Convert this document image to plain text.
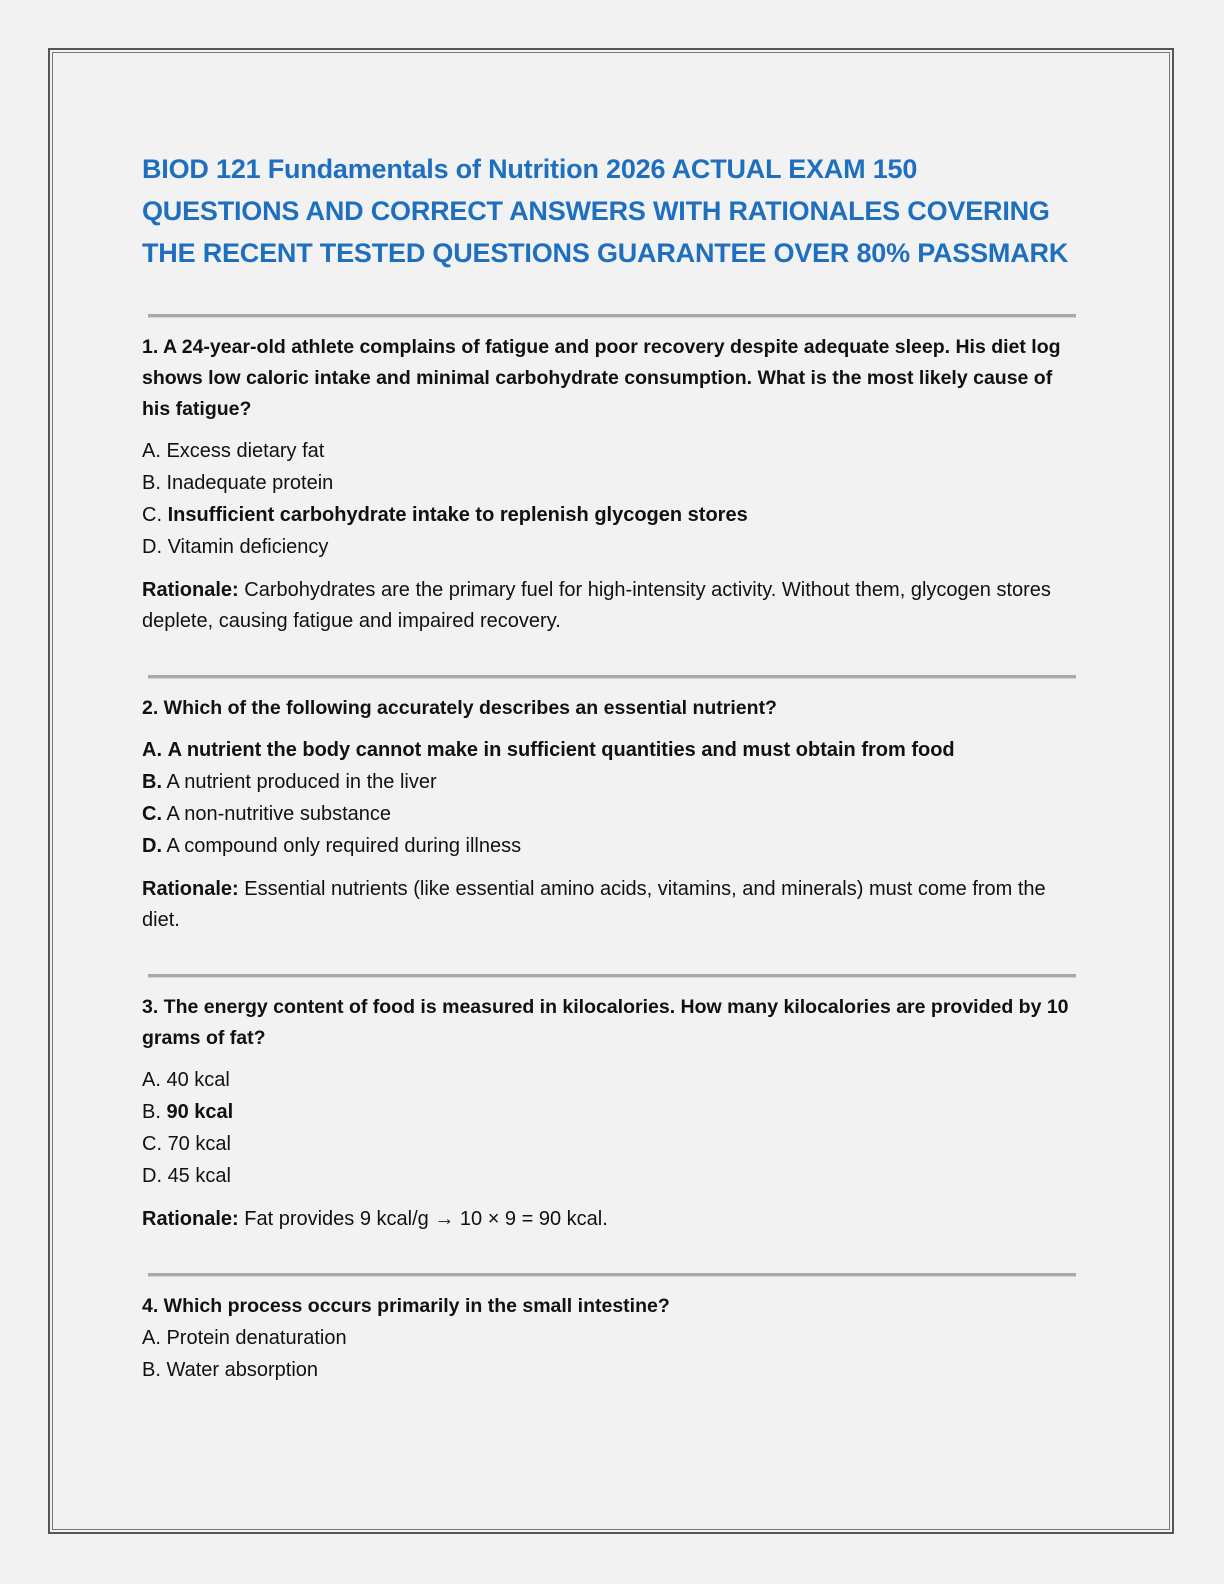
BIOD 121 Fundamentals of Nutrition 2026 ACTUAL EXAM 150
QUESTIONS AND CORRECT ANSWERS WITH RATIONALES COVERING
THE RECENT TESTED QUESTIONS GUARANTEE OVER 80% PASSMARK

1. A 24-year-old athlete complains of fatigue and poor recovery despite adequate sleep. His diet log shows low caloric intake and minimal carbohydrate consumption. What is the most likely cause of his fatigue?

A. Excess dietary fat

B. Inadequate protein

C. Insufficient carbohydrate intake to replenish glycogen stores

D. Vitamin deficiency

Rationale: Carbohydrates are the primary fuel for high-intensity activity. Without them, glycogen stores deplete, causing fatigue and impaired recovery.

2. Which of the following accurately describes an essential nutrient?

A. A nutrient the body cannot make in sufficient quantities and must obtain from food

B. A nutrient produced in the liver

C. A non-nutritive substance

D. A compound only required during illness

Rationale: Essential nutrients (like essential amino acids, vitamins, and minerals) must come from the diet.

3. The energy content of food is measured in kilocalories. How many kilocalories are provided by 10 grams of fat?

A. 40 kcal

B. 90 kcal

C. 70 kcal

D. 45 kcal

Rationale: Fat provides 9 kcal/g → 10 × 9 = 90 kcal.

4. Which process occurs primarily in the small intestine?

A. Protein denaturation

B. Water absorption
